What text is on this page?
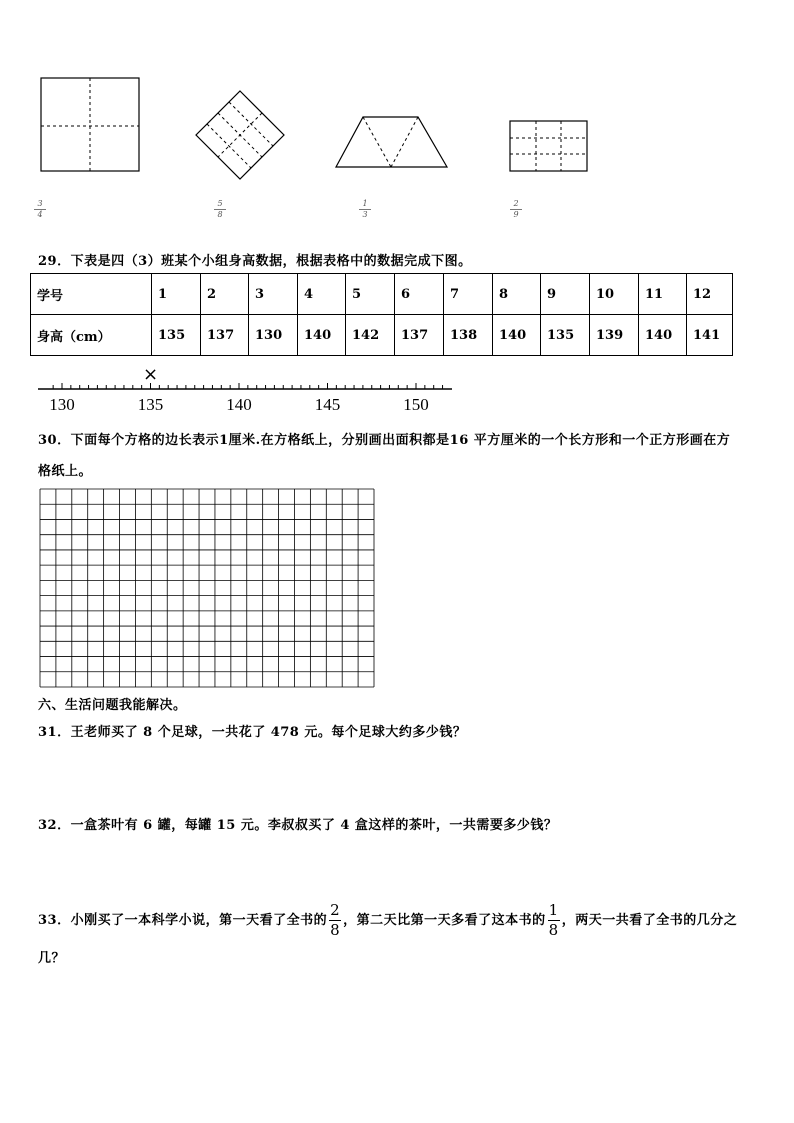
$\frac{3}{4}$	$\frac{5}{8}$	$\frac{1}{3}$	$\frac{2}{9}$
29．下表是四（3）班某个小组身高数据，根据表格中的数据完成下图。
学号	1	2	3	4	5	6	7	8	9	10	11	12
身高（cm）	135	137	130	140	142	137	138	140	135	139	140	141
130	135	140	145	150
×
30．下面每个方格的边长表示1厘米.在方格纸上，分别画出面积都是16 平方厘米的一个长方形和一个正方形画在方
格纸上。
六、生活问题我能解决。
31．王老师买了 8 个足球，一共花了 478 元。每个足球大约多少钱？
32．一盒茶叶有 6 罐，每罐 15 元。李叔叔买了 4 盒这样的茶叶，一共需要多少钱？
33．小刚买了一本科学小说，第一天看了全书的 $\frac{2}{8}$ ，第二天比第一天多看了这本书的 $\frac{1}{8}$ ，两天一共看了全书的几分之
几？
